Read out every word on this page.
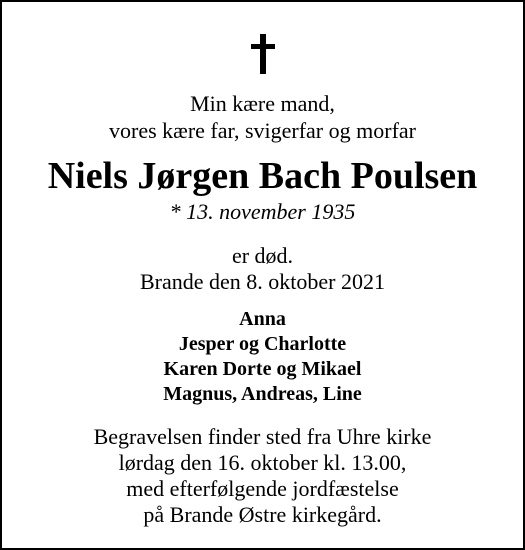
Min kære mand,
vores kære far, svigerfar og morfar
Niels Jørgen Bach Poulsen
* 13. november 1935
er død.
Brande den 8. oktober 2021
Anna
Jesper og Charlotte
Karen Dorte og Mikael
Magnus, Andreas, Line
Begravelsen finder sted fra Uhre kirke
lørdag den 16. oktober kl. 13.00,
med efterfølgende jordfæstelse
på Brande Østre kirkegård.
